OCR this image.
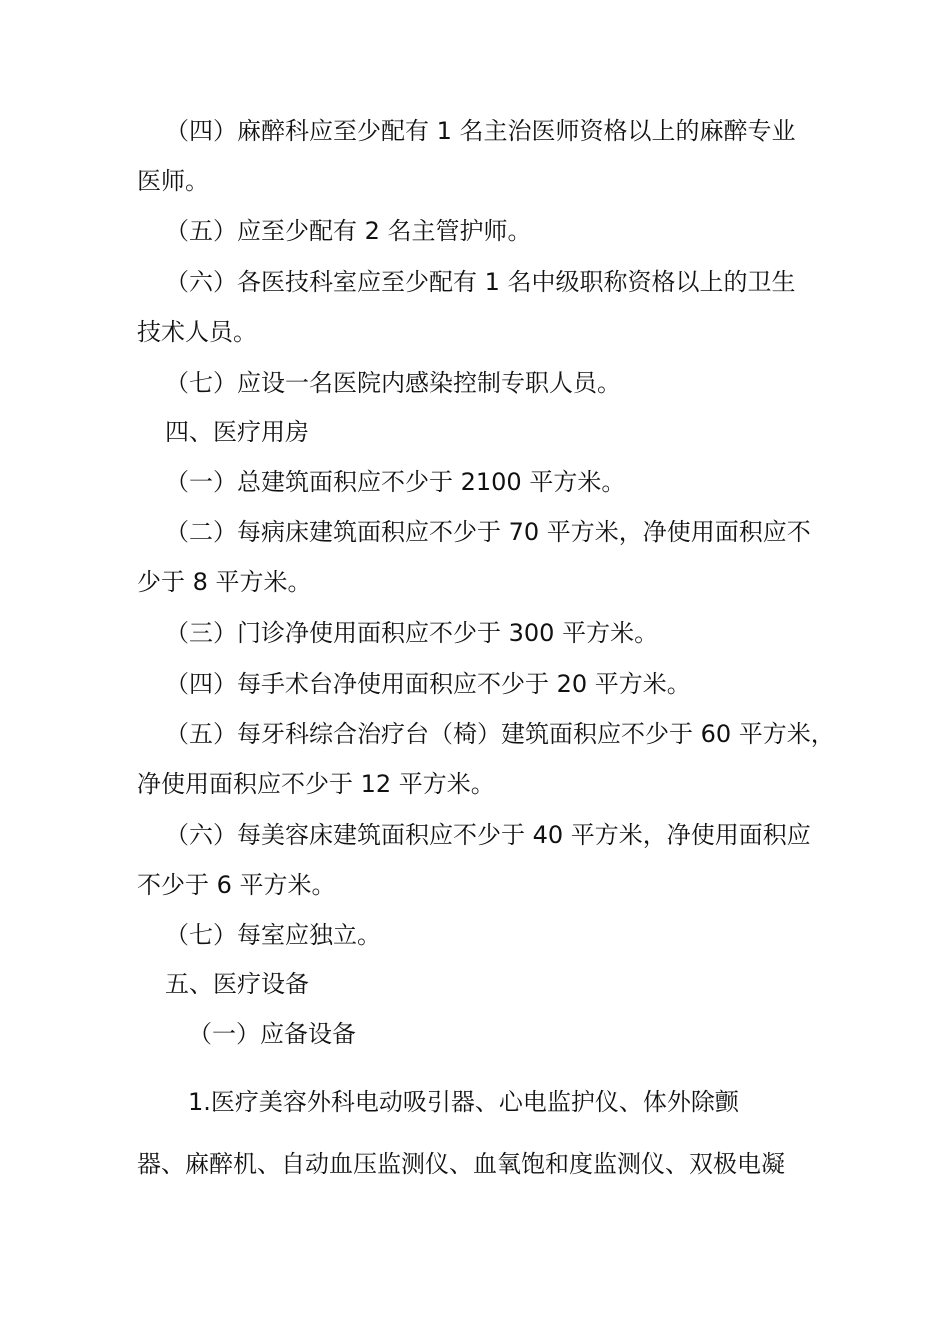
（四）麻醉科应至少配有 1 名主治医师资格以上的麻醉专业
医师。
（五）应至少配有 2 名主管护师。
（六）各医技科室应至少配有 1 名中级职称资格以上的卫生
技术人员。
（七）应设一名医院内感染控制专职人员。
四、医疗用房
（一）总建筑面积应不少于 2100 平方米。
（二）每病床建筑面积应不少于 70 平方米，净使用面积应不
少于 8 平方米。
（三）门诊净使用面积应不少于 300 平方米。
（四）每手术台净使用面积应不少于 20 平方米。
（五）每牙科综合治疗台（椅）建筑面积应不少于 60 平方米，
净使用面积应不少于 12 平方米。
（六）每美容床建筑面积应不少于 40 平方米，净使用面积应
不少于 6 平方米。
（七）每室应独立。
五、医疗设备
（一）应备设备
1.医疗美容外科电动吸引器、心电监护仪、体外除颤
器、麻醉机、自动血压监测仪、血氧饱和度监测仪、双极电凝
